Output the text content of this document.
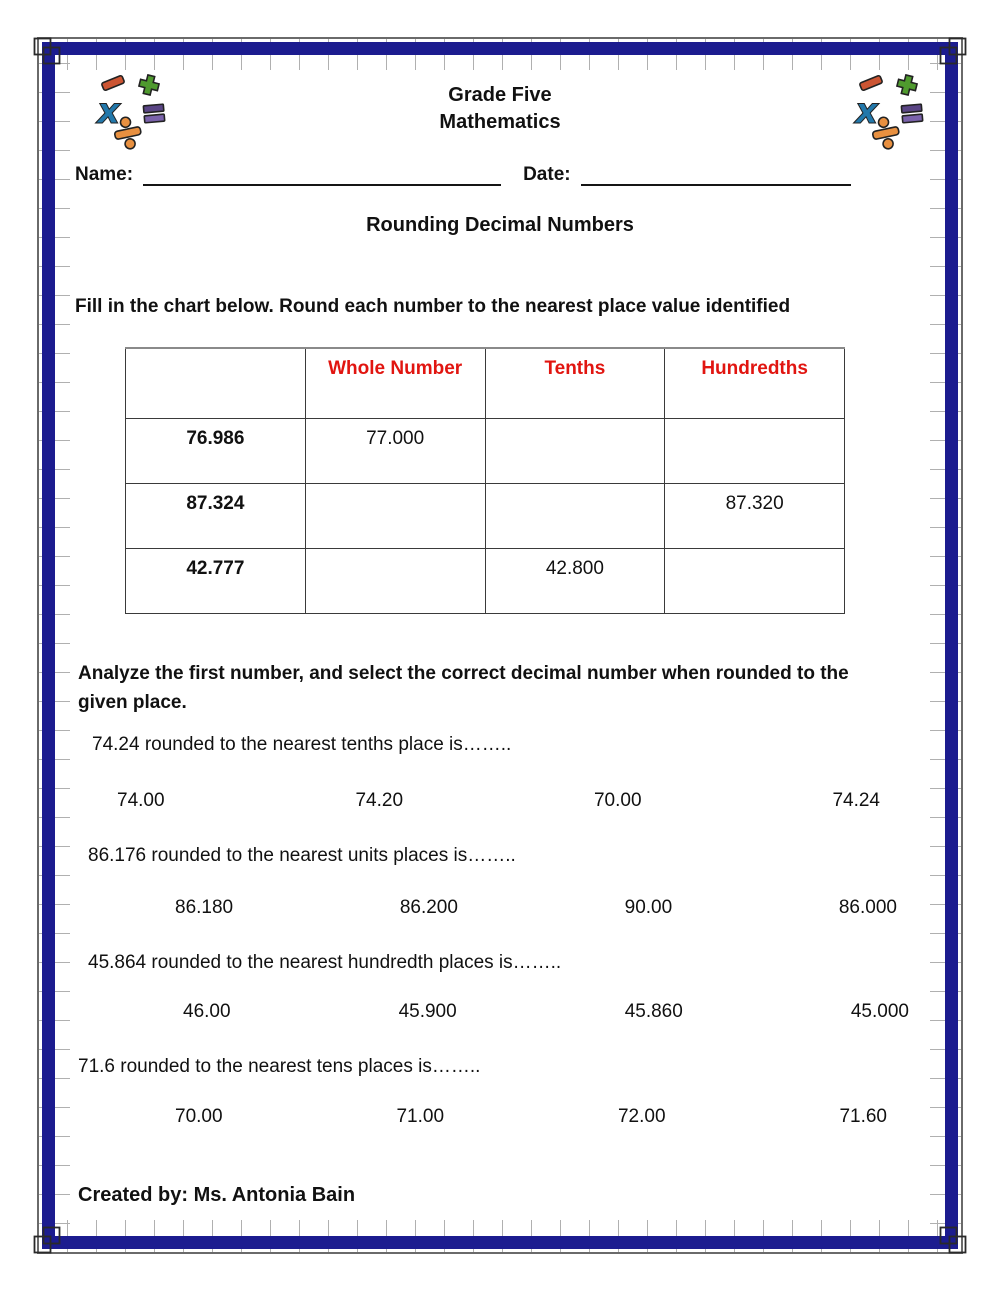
x	x
Grade Five
Mathematics
Name:	Date:
Rounding Decimal Numbers
Fill in the chart below. Round each number to the nearest place value identified
	Whole Number	Tenths	Hundredths
76.986	77.000		
87.324			87.320
42.777		42.800	
Analyze the first number, and select the correct decimal number when rounded to the given place.
74.24 rounded to the nearest tenths place is……..
74.00	74.20	70.00	74.24
86.176 rounded to the nearest units places is……..
86.180	86.200	90.00	86.000
45.864 rounded to the nearest hundredth places is……..
46.00	45.900	45.860	45.000
71.6 rounded to the nearest tens places is……..
70.00	71.00	72.00	71.60
Created by: Ms. Antonia Bain
